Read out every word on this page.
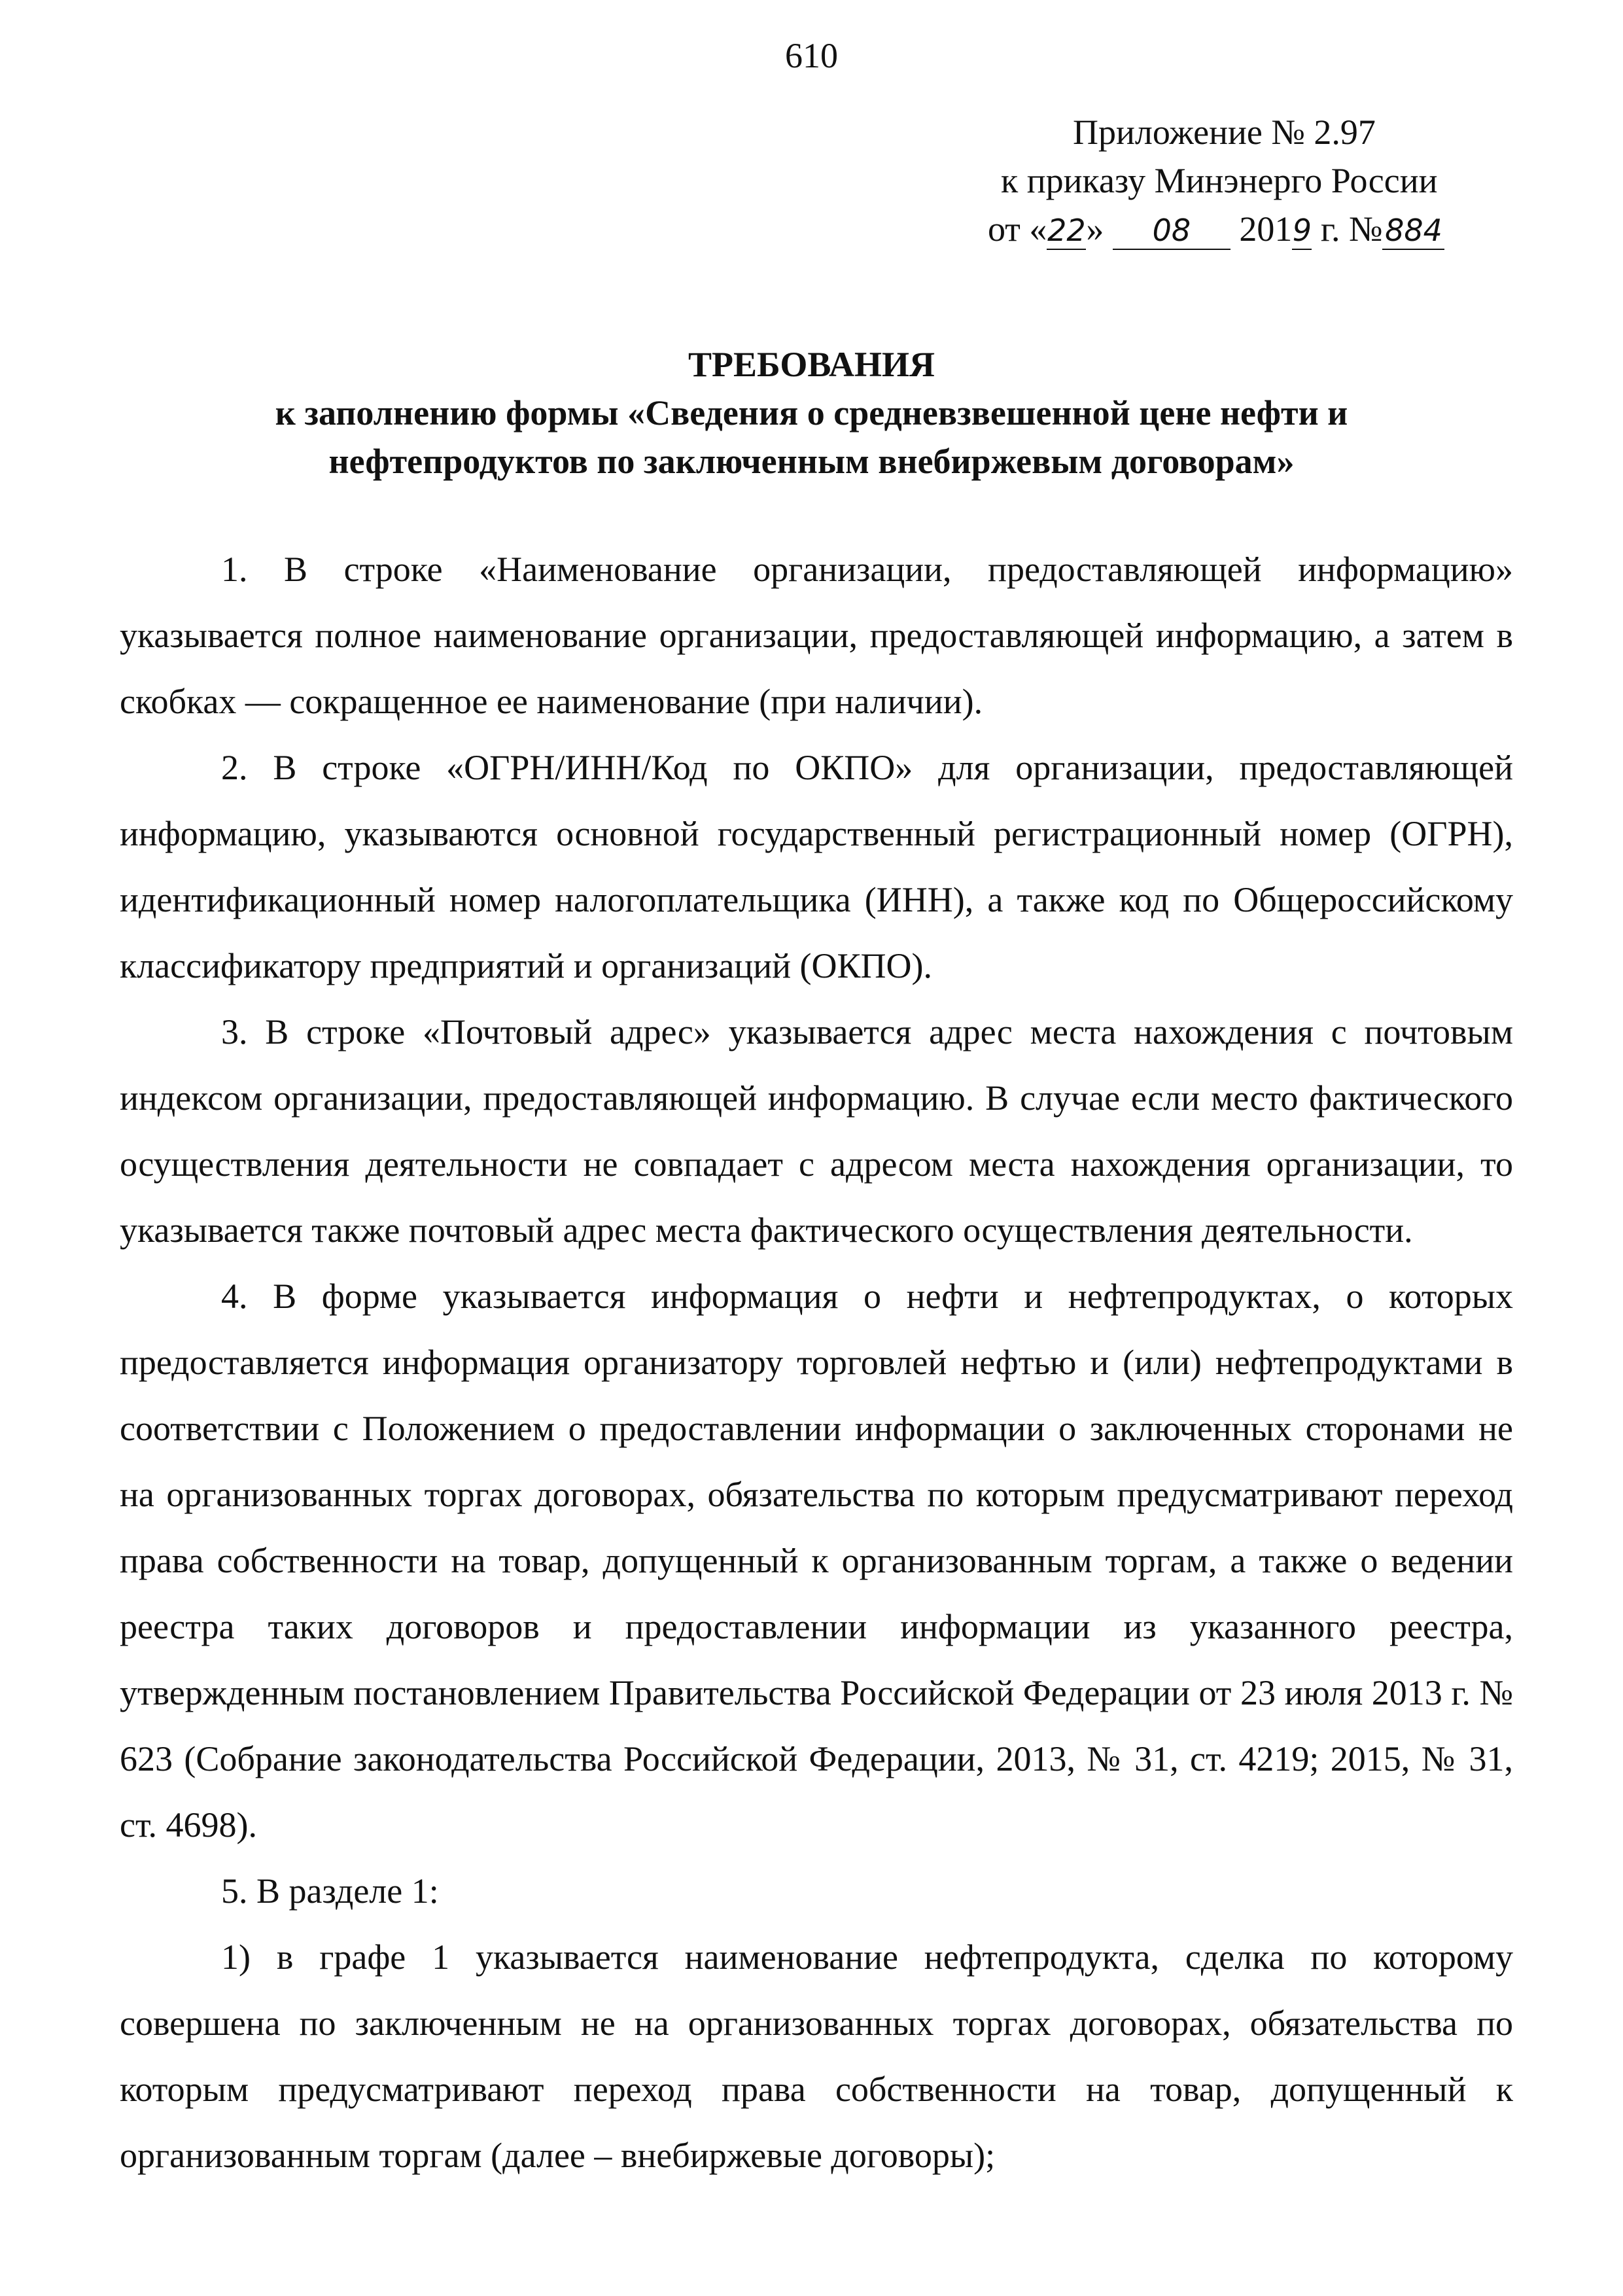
610
Приложение № 2.97
к приказу Минэнерго России
от «22» 08 2019 г. №884
ТРЕБОВАНИЯ
к заполнению формы «Сведения о средневзвешенной цене нефти и
нефтепродуктов по заключенным внебиржевым договорам»

1. В строке «Наименование организации, предоставляющей информацию» указывается полное наименование организации, предоставляющей информацию, а затем в скобках — сокращенное ее наименование (при наличии).

2. В строке «ОГРН/ИНН/Код по ОКПО» для организации, предоставляющей информацию, указываются основной государственный регистрационный номер (ОГРН), идентификационный номер налогоплательщика (ИНН), а также код по Общероссийскому классификатору предприятий и организаций (ОКПО).

3. В строке «Почтовый адрес» указывается адрес места нахождения с почтовым индексом организации, предоставляющей информацию. В случае если место фактического осуществления деятельности не совпадает с адресом места нахождения организации, то указывается также почтовый адрес места фактического осуществления деятельности.

4. В форме указывается информация о нефти и нефтепродуктах, о которых предоставляется информация организатору торговлей нефтью и (или) нефтепродуктами в соответствии с Положением о предоставлении информации о заключенных сторонами не на организованных торгах договорах, обязательства по которым предусматривают переход права собственности на товар, допущенный к организованным торгам, а также о ведении реестра таких договоров и предоставлении информации из указанного реестра, утвержденным постановлением Правительства Российской Федерации от 23 июля 2013 г. № 623 (Собрание законодательства Российской Федерации, 2013, № 31, ст. 4219; 2015, № 31, ст. 4698).

5. В разделе 1:

1) в графе 1 указывается наименование нефтепродукта, сделка по которому совершена по заключенным не на организованных торгах договорах, обязательства по которым предусматривают переход права собственности на товар, допущенный к организованным торгам (далее – внебиржевые договоры);
